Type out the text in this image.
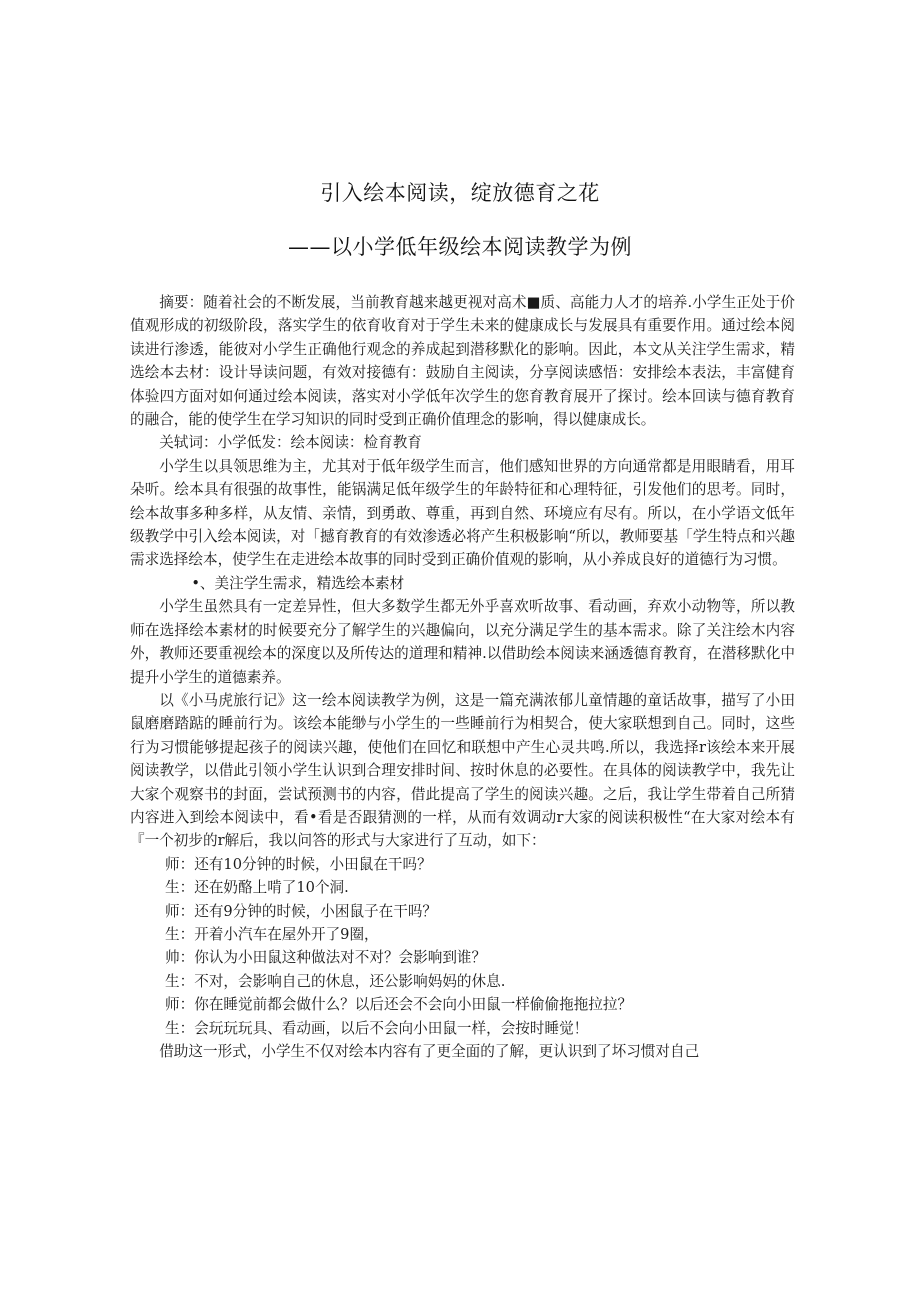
引入绘本阅读，绽放德育之花
——以小学低年级绘本阅读教学为例

摘要：随着社会的不断发展，当前教育越来越更视对高术■质、高能力人才的培养.小学生正处于价值观形成的初级阶段，落实学生的依育收育对于学生未来的健康成长与发展具有重要作用。通过绘本阅读进行渗透，能彼对小学生正确他行观念的养成起到潜移默化的影响。因此，本文从关注学生需求，精选绘本去材：设计导读问题，有效对接德有：鼓励自主阅读，分享阅读感悟：安排绘本表法，丰富健育体验四方面对如何通过绘本阅读，落实对小学低年次学生的您育教育展开了探讨。绘本回读与德育教育的融合，能的使学生在学习知识的同时受到正确价值理念的影响，得以健康成长。

关轼词：小学低发：绘本阅读：检育教育

小学生以具领思维为主，尤其对于低年级学生而言，他们感知世界的方向通常都是用眼睛看，用耳朵听。绘本具有很强的故事性，能锅满足低年级学生的年龄特征和心理特征，引发他们的思考。同时，绘本故事多种多样，从友情、亲情，到勇敢、尊重，再到自然、环境应有尽有。所以，在小学语文低年级教学中引入绘本阅读，对「撼育教育的有效渗透必将产生积极影响“所以，教师要基「学生特点和兴趣需求选择绘本，使学生在走进绘本故事的同时受到正确价值观的影响，从小养成良好的道德行为习惯。

•、美注学生需求，精选绘本素材

小学生虽然具有一定差异性，但大多数学生都无外乎喜欢听故事、看动画，弃欢小动物等，所以教师在选择绘本素材的时候要充分了解学生的兴趣偏向，以充分满足学生的基本需求。除了关注绘木内容外，教师还要重视绘本的深度以及所传达的道理和精神.以借助绘本阅读来涵透德育教育，在潜移默化中提升小学生的道德素养。

以《小马虎旅行记》这一绘本阅读教学为例，这是一篇充满浓郁儿童情趣的童话故事，描写了小田鼠磨磨踏踮的睡前行为。该绘本能缈与小学生的一些睡前行为相契合，使大家联想到自己。同时，这些行为习惯能够提起孩子的阅读兴趣，使他们在回忆和联想中产生心灵共鸣.所以，我选择r该绘本来开展阅读教学，以借此引领小学生认识到合理安排时间、按时休息的必要性。在具体的阅读教学中，我先让大家个观察书的封面，尝试预测书的内容，借此提高了学生的阅读兴趣。之后，我让学生带着自己所猜内容进入到绘本阅读中，看•看是否跟猜测的一样，从而有效调动r大家的阅读积极性“在大家对绘本有『一个初步的r解后，我以问答的形式与大家进行了互动，如下：

师：还有10分钟的时候，小田鼠在干吗？

生：还在奶酪上啃了10个洞.

师：还有9分钟的时候，小困鼠子在干吗？

生：开着小汽车在屋外开了9圈，

帅：你认为小田鼠这种做法对不对？会影响到谁？

生：不对，会影响自己的休息，还公影响妈妈的休息.

师：你在睡觉前都会做什么？以后还会不会向小田鼠一样偷偷拖拖拉拉？

生：会玩玩玩具、看动画，以后不会向小田鼠一样，会按时睡觉！

借助这一形式，小学生不仅对绘本内容有了更全面的了解，更认识到了坏习惯对自己
